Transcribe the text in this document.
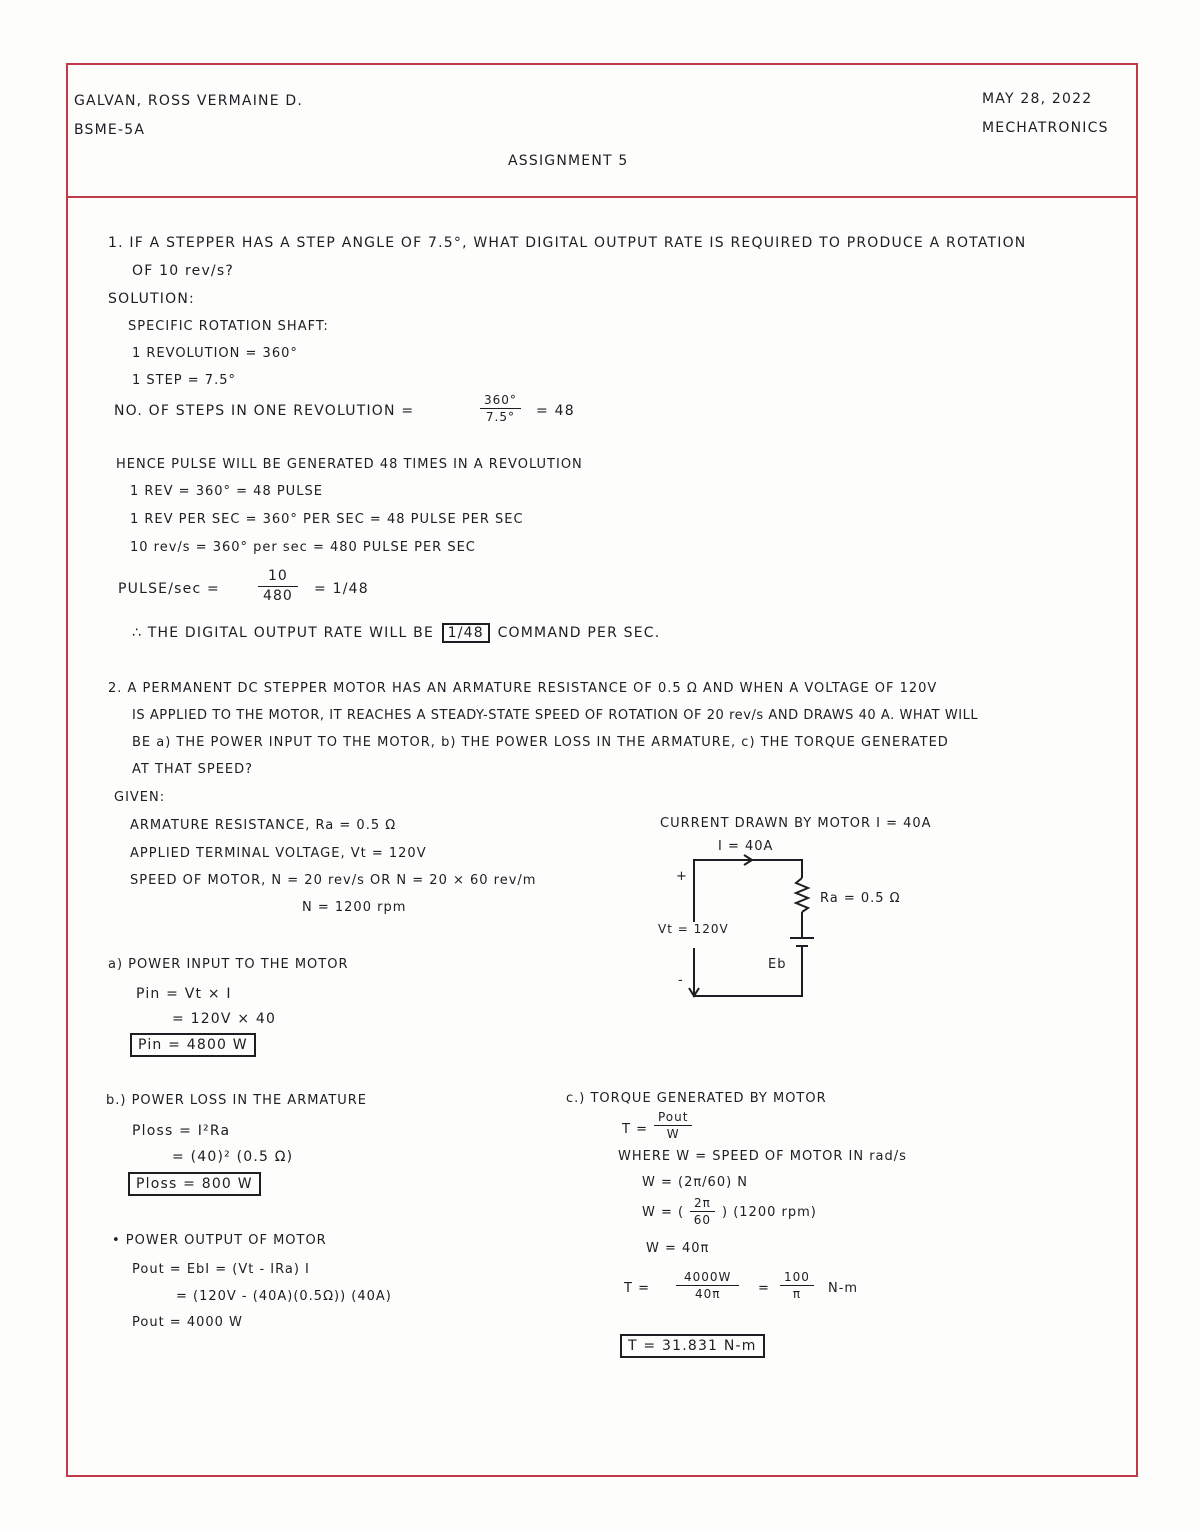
GALVAN, ROSS VERMAINE D.
BSME-5A
MAY 28, 2022
MECHATRONICS
ASSIGNMENT 5
1. IF A STEPPER HAS A STEP ANGLE OF 7.5°, WHAT DIGITAL OUTPUT RATE IS REQUIRED TO PRODUCE A ROTATION
OF 10 rev/s?
SOLUTION:
SPECIFIC ROTATION SHAFT:
1 REVOLUTION = 360°
1 STEP = 7.5°
NO. OF STEPS IN ONE REVOLUTION =	$\frac{360^\circ}{7.5^\circ} = 48$
HENCE PULSE WILL BE GENERATED 48 TIMES IN A REVOLUTION
1 REV = 360° = 48 PULSE
1 REV PER SEC = 360° PER SEC = 48 PULSE PER SEC
10 rev/s = 360° per sec = 480 PULSE PER SEC
PULSE/sec =	$\frac{10}{480} = 1/48$
∴ THE DIGITAL OUTPUT RATE WILL BE 1/48 COMMAND PER SEC.
2. A PERMANENT DC STEPPER MOTOR HAS AN ARMATURE RESISTANCE OF 0.5 Ω AND WHEN A VOLTAGE OF 120V
IS APPLIED TO THE MOTOR, IT REACHES A STEADY-STATE SPEED OF ROTATION OF 20 rev/s AND DRAWS 40 A. WHAT WILL
BE a) THE POWER INPUT TO THE MOTOR, b) THE POWER LOSS IN THE ARMATURE, c) THE TORQUE GENERATED
AT THAT SPEED?
GIVEN:
ARMATURE RESISTANCE, Ra = 0.5 Ω
APPLIED TERMINAL VOLTAGE, Vt = 120V
SPEED OF MOTOR, N = 20 rev/s OR N = 20 × 60 rev/m
N = 1200 rpm
CURRENT DRAWN BY MOTOR I = 40A
I = 40A
Ra = 0.5 Ω
Vt = 120V
Eb
+
-
a) POWER INPUT TO THE MOTOR
Pin = Vt × I
= 120V × 40
Pin = 4800 W
b.) POWER LOSS IN THE ARMATURE
Ploss = I²Ra
= (40)² (0.5 Ω)
Ploss = 800 W
• POWER OUTPUT OF MOTOR
Pout = EbI = (Vt - IRa) I
= (120V - (40A)(0.5Ω)) (40A)
Pout = 4000 W
c.) TORQUE GENERATED BY MOTOR
T =
Pout
W
WHERE W = SPEED OF MOTOR IN rad/s
W = (2π/60) N
W = ( $\frac{2\pi}{60}$ ) (1200 rpm)
W = 40π
$T = \frac{4000W}{40\pi} = \frac{100}{\pi} N-m$
T = 31.831 N-m
